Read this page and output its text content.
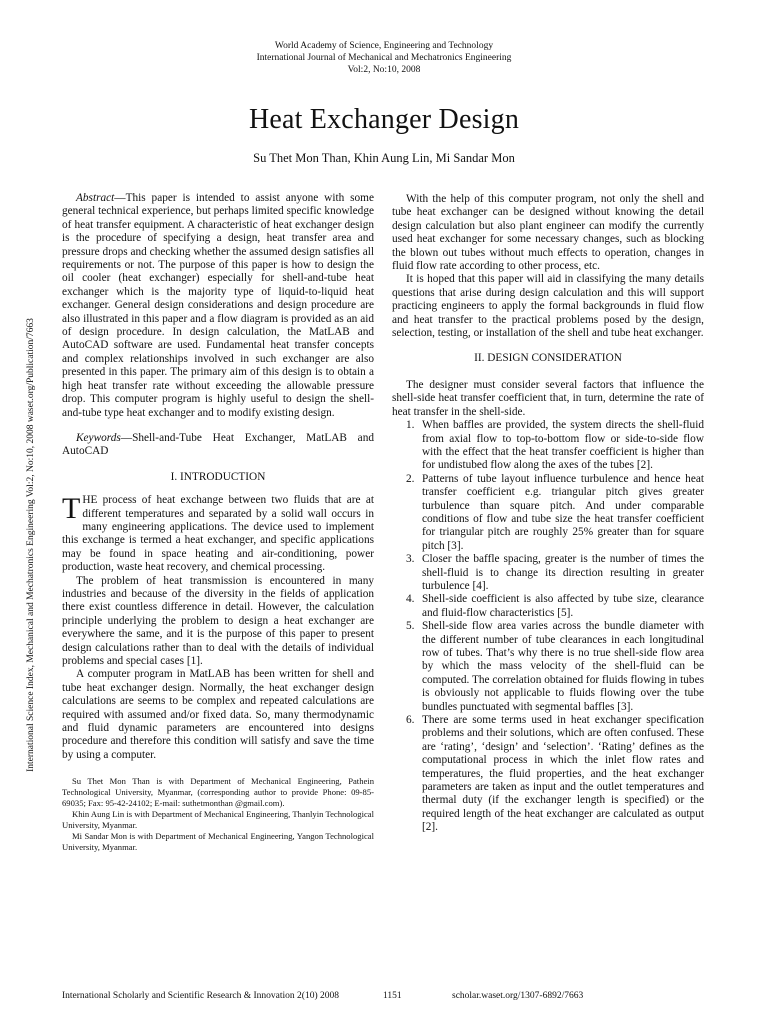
World Academy of Science, Engineering and Technology
International Journal of Mechanical and Mechatronics Engineering
Vol:2, No:10, 2008
Heat Exchanger Design
Su Thet Mon Than, Khin Aung Lin, Mi Sandar Mon
International Science Index, Mechanical and Mechatronics Engineering Vol:2, No:10, 2008 waset.org/Publication/7663

Abstract—This paper is intended to assist anyone with some general technical experience, but perhaps limited specific knowledge of heat transfer equipment. A characteristic of heat exchanger design is the procedure of specifying a design, heat transfer area and pressure drops and checking whether the assumed design satisfies all requirements or not. The purpose of this paper is how to design the oil cooler (heat exchanger) especially for shell-and-tube heat exchanger which is the majority type of liquid-to-liquid heat exchanger. General design considerations and design procedure are also illustrated in this paper and a flow diagram is provided as an aid of design procedure. In design calculation, the MatLAB and AutoCAD software are used. Fundamental heat transfer concepts and complex relationships involved in such exchanger are also presented in this paper. The primary aim of this design is to obtain a high heat transfer rate without exceeding the allowable pressure drop. This computer program is highly useful to design the shell-and-tube type heat exchanger and to modify existing design.

Keywords—Shell-and-Tube Heat Exchanger, MatLAB and AutoCAD

I. INTRODUCTION

THE process of heat exchange between two fluids that are at different temperatures and separated by a solid wall occurs in many engineering applications. The device used to implement this exchange is termed a heat exchanger, and specific applications may be found in space heating and air-conditioning, power production, waste heat recovery, and chemical processing.

The problem of heat transmission is encountered in many industries and because of the diversity in the fields of application there exist countless difference in detail. However, the calculation principle underlying the problem to design a heat exchanger are everywhere the same, and it is the purpose of this paper to present design calculations rather than to deal with the details of individual problems and special cases [1].

A computer program in MatLAB has been written for shell and tube heat exchanger design. Normally, the heat exchanger design calculations are seems to be complex and repeated calculations are required with assumed and/or fixed data. So, many thermodynamic and fluid dynamic parameters are encountered into designs procedure and therefore this condition will satisfy and save the time by using a computer.

Su Thet Mon Than is with Department of Mechanical Engineering, Pathein Technological University, Myanmar, (corresponding author to provide Phone: 09-85-69035; Fax: 95-42-24102; E-mail: suthetmonthan @gmail.com).

Khin Aung Lin is with Department of Mechanical Engineering, Thanlyin Technological University, Myanmar.

Mi Sandar Mon is with Department of Mechanical Engineering, Yangon Technological University, Myanmar.

With the help of this computer program, not only the shell and tube heat exchanger can be designed without knowing the detail design calculation but also plant engineer can modify the currently used heat exchanger for some necessary changes, such as blocking the blown out tubes without much effects to operation, changes in fluid flow rate according to other process, etc.

It is hoped that this paper will aid in classifying the many details questions that arise during design calculation and this will support practicing engineers to apply the formal backgrounds in fluid flow and heat transfer to the practical problems posed by the design, selection, testing, or installation of the shell and tube heat exchanger.

II. DESIGN CONSIDERATION

The designer must consider several factors that influence the shell-side heat transfer coefficient that, in turn, determine the rate of heat transfer in the shell-side.

1. When baffles are provided, the system directs the shell-fluid from axial flow to top-to-bottom flow or side-to-side flow with the effect that the heat transfer coefficient is higher than for undistubed flow along the axes of the tubes [2].
2. Patterns of tube layout influence turbulence and hence heat transfer coefficient e.g. triangular pitch gives greater turbulence than square pitch. And under comparable conditions of flow and tube size the heat transfer coefficient for triangular pitch are roughly 25% greater than for square pitch [3].
3. Closer the baffle spacing, greater is the number of times the shell-fluid is to change its direction resulting in greater turbulence [4].
4. Shell-side coefficient is also affected by tube size, clearance and fluid-flow characteristics [5].
5. Shell-side flow area varies across the bundle diameter with the different number of tube clearances in each longitudinal row of tubes. That’s why there is no true shell-side flow area by which the mass velocity of the shell-fluid can be computed. The correlation obtained for fluids flowing in tubes is obviously not applicable to fluids flowing over the tube bundles punctuated with segmental baffles [3].
6. There are some terms used in heat exchanger specification problems and their solutions, which are often confused. These are ‘rating’, ‘design’ and ‘selection’. ‘Rating’ defines as the computational process in which the inlet flow rates and temperatures, the fluid properties, and the heat exchanger parameters are taken as input and the outlet temperatures and thermal duty (if the exchanger length is specified) or the required length of the heat exchanger are calculated as output [2].
International Scholarly and Scientific Research & Innovation 2(10) 2008	1151	scholar.waset.org/1307-6892/7663
